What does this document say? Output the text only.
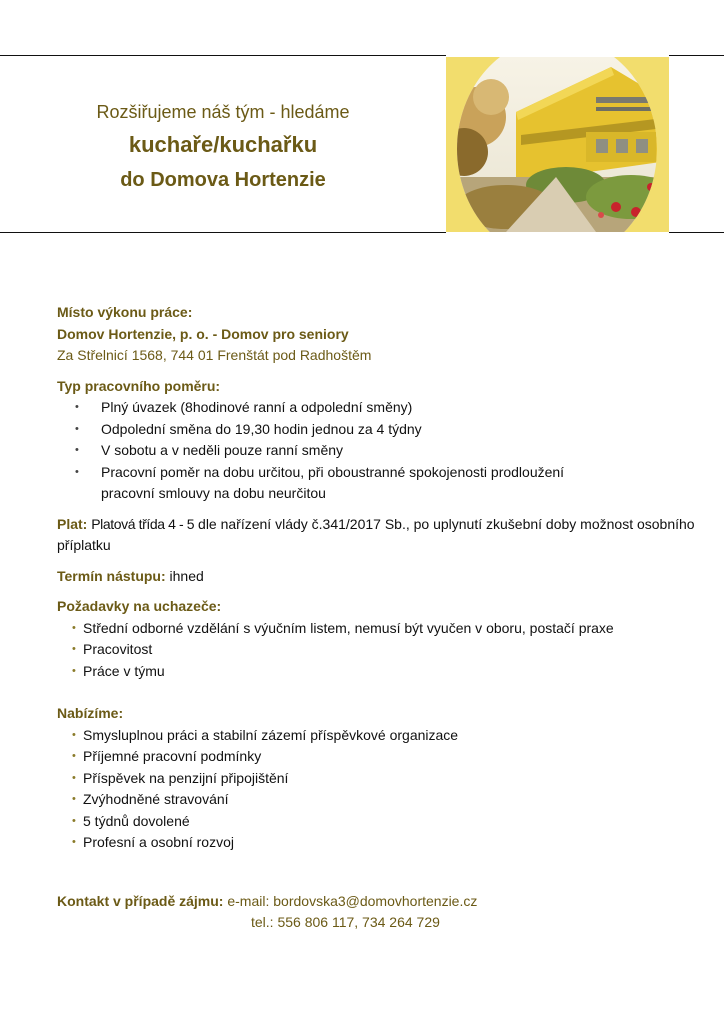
Rozšiřujeme náš tým - hledáme
kuchaře/kuchařku
do Domova Hortenzie

Místo výkonu práce:

Domov Hortenzie, p. o. - Domov pro seniory

Za Střelnicí 1568, 744 01 Frenštát pod Radhoštěm

Typ pracovního poměru:

• Plný úvazek (8hodinové ranní a odpolední směny)
• Odpolední směna do 19,30 hodin jednou za 4 týdny
• V sobotu a v neděli pouze ranní směny
• Pracovní poměr na dobu určitou, při oboustranné spokojenosti prodloužení
pracovní smlouvy na dobu neurčitou

Plat: Platová třída 4 - 5 dle nařízení vlády č.341/2017 Sb., po uplynutí zkušební doby možnost osobního příplatku

Termín nástupu: ihned

Požadavky na uchazeče:

• Střední odborné vzdělání s výučním listem, nemusí být vyučen v oboru, postačí praxe
• Pracovitost
• Práce v týmu

Nabízíme:

• Smysluplnou práci a stabilní zázemí příspěvkové organizace
• Příjemné pracovní podmínky
• Příspěvek na penzijní připojištění
• Zvýhodněné stravování
• 5 týdnů dovolené
• Profesní a osobní rozvoj

Kontakt v případě zájmu: e-mail: bordovska3@domovhortenzie.cz

tel.: 556 806 117, 734 264 729
